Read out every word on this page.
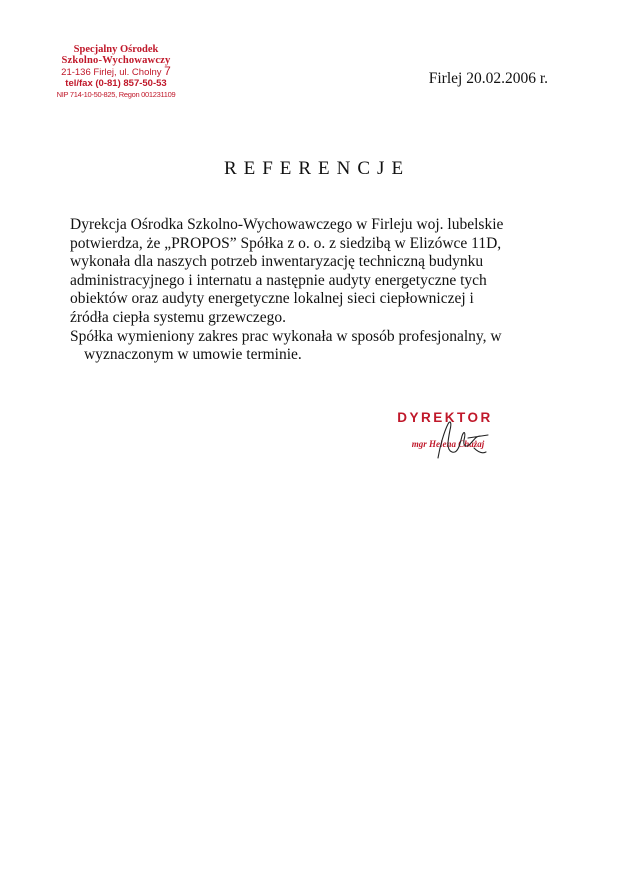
Specjalny Ośrodek
Szkolno-Wychowawczy
21-136 Firlej, ul. Cholny 7
tel/fax (0-81) 857-50-53
NIP 714-10-50-825, Regon 001231109
Firlej 20.02.2006 r.
REFERENCJE
Dyrekcja Ośrodka Szkolno-Wychowawczego w Firleju woj. lubelskie
potwierdza, że „PROPOS” Spółka z o. o. z siedzibą w Elizówce 11D,
wykonała dla naszych potrzeb inwentaryzację techniczną budynku
administracyjnego i internatu a następnie audyty energetyczne tych
obiektów oraz audyty energetyczne lokalnej sieci ciepłowniczej i
źródła ciepła systemu grzewczego.
Spółka wymieniony zakres prac wykonała w sposób profesjonalny, w
wyznaczonym w umowie terminie.
DYREKTOR
mgr Helena Chażaj
